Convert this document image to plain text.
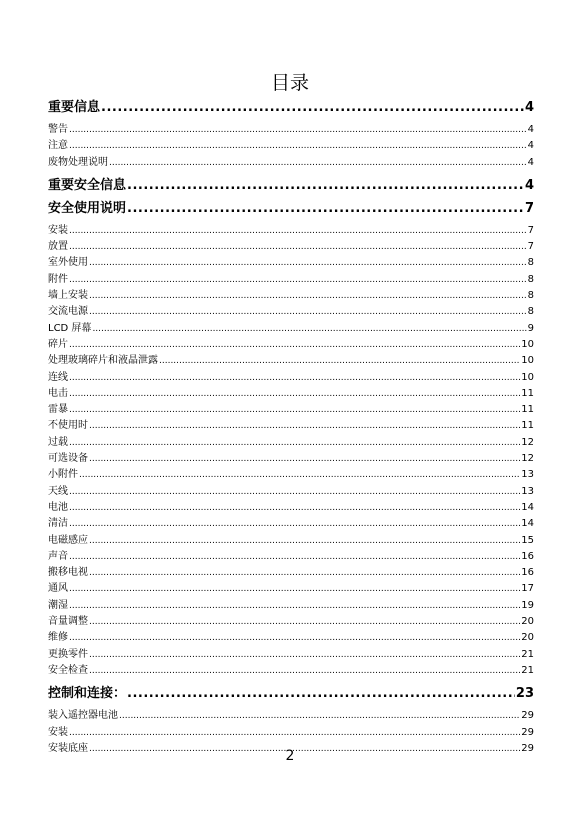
目录
重要信息 .....	4
警告 .....	4
注意 .....	4
废物处理说明 .....	4
重要安全信息 .....	4
安全使用说明 .....	7
安装 .....	7
放置 .....	7
室外使用 .....	8
附件 .....	8
墙上安装 .....	8
交流电源 .....	8
LCD 屏幕 .....	9
碎片 .....	10
处理玻璃碎片和液晶泄露 .....	10
连线 .....	10
电击 .....	11
雷暴 .....	11
不使用时 .....	11
过载 .....	12
可选设备 .....	12
小附件 .....	13
天线 .....	13
电池 .....	14
清洁 .....	14
电磁感应 .....	15
声音 .....	16
搬移电视 .....	16
通风 .....	17
潮湿 .....	19
音量调整 .....	20
维修 .....	20
更换零件 .....	21
安全检查 .....	21
控制和连接： .....	23
装入遥控器电池 .....	29
安装 .....	29
安装底座 .....	29
2
